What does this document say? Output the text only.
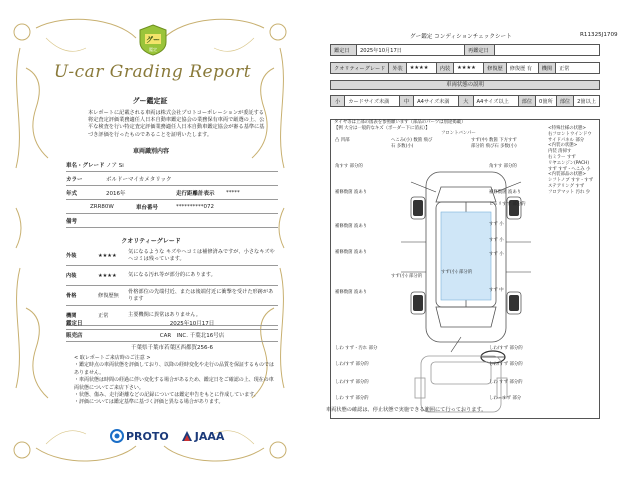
グー
鑑定
U-car Grading Report
グー鑑定証
本レポートに記載される車両は株式会社プロトコーポレーションが委託する将定査定評価業務適任人日本自動車鑑定協会の業務保有車両で厳選の上、公平な検査を行い特定査定評価業務適任人日本自動車鑑定協会が審る基準に基づき評価を行ったものであることを証明いたします。
車両識別内容
車名・グレード ノア Si
カラー	ボルドーマイカメタリック
年式	2016年	走行距離計表示	*****
ZRR80W	車台番号	**********072
備考
クオリティーグレード
外装	★★★★
気になるような キズやヘコミは補修済みですが、小さなキズやヘコミは残っています。
内装	★★★★	気になる汚れ等が部分的にあります。
骨格	修復歴無
骨格部位の先端付近、または後端付近に衝撃を受けた形跡があります
機関	正常	主要機関に異常はありません。
鑑定日	2025年10月17日
販売店	CAR　INC. 千葉北16号店
千葉県千葉市若葉区西都賀256-6
< 取レポートご来店時のご注意 >
・鑑定時点の車両状態を評価しており、以降の経時変化や走行の品質を保証するものではありません。
・車両状態は時間の経過に伴い変化する場合があるため、鑑定日をご確認の上、現在の車両状態についてご来店下さい。
・状態、傷み、走行距離などの記録については鑑定申告をもとに作成しています。
・評価については鑑定基準に基づく評価と異なる場合があります。
PROTO JAAA
グー鑑定 コンディションチェックシート	R11325J1709
鑑定日	2025年10月17日	再鑑定日	
クオリティーグレード	外装	★★★★	内装	★★★★	修復歴	修復歴 有	機関	正常
車両状態の説明
小	カードサイズ未満	中	A4サイズ未満	大	A4サイズ以上	部位	0箇所	部位	2箇以上
タイヤ等は上部の図表を参照願います（部品のパーツは別途掲載）
【例 大分は一般的なキズ（ボーダー下に消去）】
凸 凹部	へこみ(小) 数箇 飛び石 多数(小)
すず(中) 数箇 下方すず 部分的 飛び石 多数(小)
フロントバンパー
角すす 部分的	角すす 部分的
補修数箇 波あり	補修数箇 波あり
ヒュリすず 部分的
すず 小
補修数箇 波あり
すず 小
補修数箇 波あり	すず 小
すず(小) 部分的
すず(小) 部分的
補修数箇 波あり	すず 中
しわ/すず 部分的
しわ/すず 部分的
しわ すず 部分的
しわ/すず 部分的
しわ/すず 部分的
しわ すず 部分的
しわ すず・汚れ 部分
しわ・すず 部分
<特殊仕様の状態>
右フロントウインドウ
サイドパネル 部分
<内装の状態>
内装 清掃す
右ミラー すず
リヤエンジン(PACH)
すず すず・へこみ 小
<内装部品の状態>
シフトノブ すす・すず
ステアリング すず
フロアマット 汚れ 少
車両状態の確認は、停止状態で実施できる範囲にて行っております。
